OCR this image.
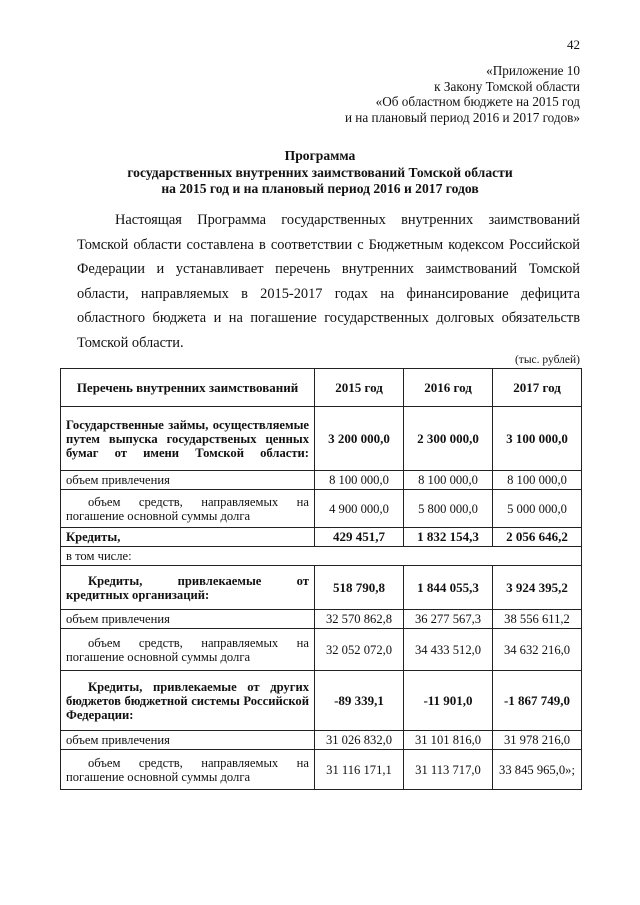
42
«Приложение 10
к Закону Томской области
«Об областном бюджете на 2015 год
и на плановый период 2016 и 2017 годов»
Программа
государственных внутренних заимствований Томской области
на 2015 год и на плановый период 2016 и 2017 годов

Настоящая Программа государственных внутренних заимствований Томской области составлена в соответствии с Бюджетным кодексом Российской Федерации и устанавливает перечень внутренних заимствований Томской области, направляемых в 2015-2017 годах на финансирование дефицита областного бюджета и на погашение государственных долговых обязательств Томской области.

(тыс. рублей)
Перечень внутренних заимствований	2015 год	2016 год	2017 год
Государственные займы, осуществляемые путем выпуска государственых ценных бумаг от имени Томской области:	3 200 000,0	2 300 000,0	3 100 000,0
объем привлечения	8 100 000,0	8 100 000,0	8 100 000,0
объем средств, направляемых на погашение основной суммы долга	4 900 000,0	5 800 000,0	5 000 000,0
Кредиты,	429 451,7	1 832 154,3	2 056 646,2
в том числе:			
Кредиты, привлекаемые от кредитных организаций:	518 790,8	1 844 055,3	3 924 395,2
объем привлечения	32 570 862,8	36 277 567,3	38 556 611,2
объем средств, направляемых на погашение основной суммы долга	32 052 072,0	34 433 512,0	34 632 216,0
Кредиты, привлекаемые от других бюджетов бюджетной системы Российской Федерации:	-89 339,1	-11 901,0	-1 867 749,0
объем привлечения	31 026 832,0	31 101 816,0	31 978 216,0
объем средств, направляемых на погашение основной суммы долга	31 116 171,1	31 113 717,0	33 845 965,0»;
